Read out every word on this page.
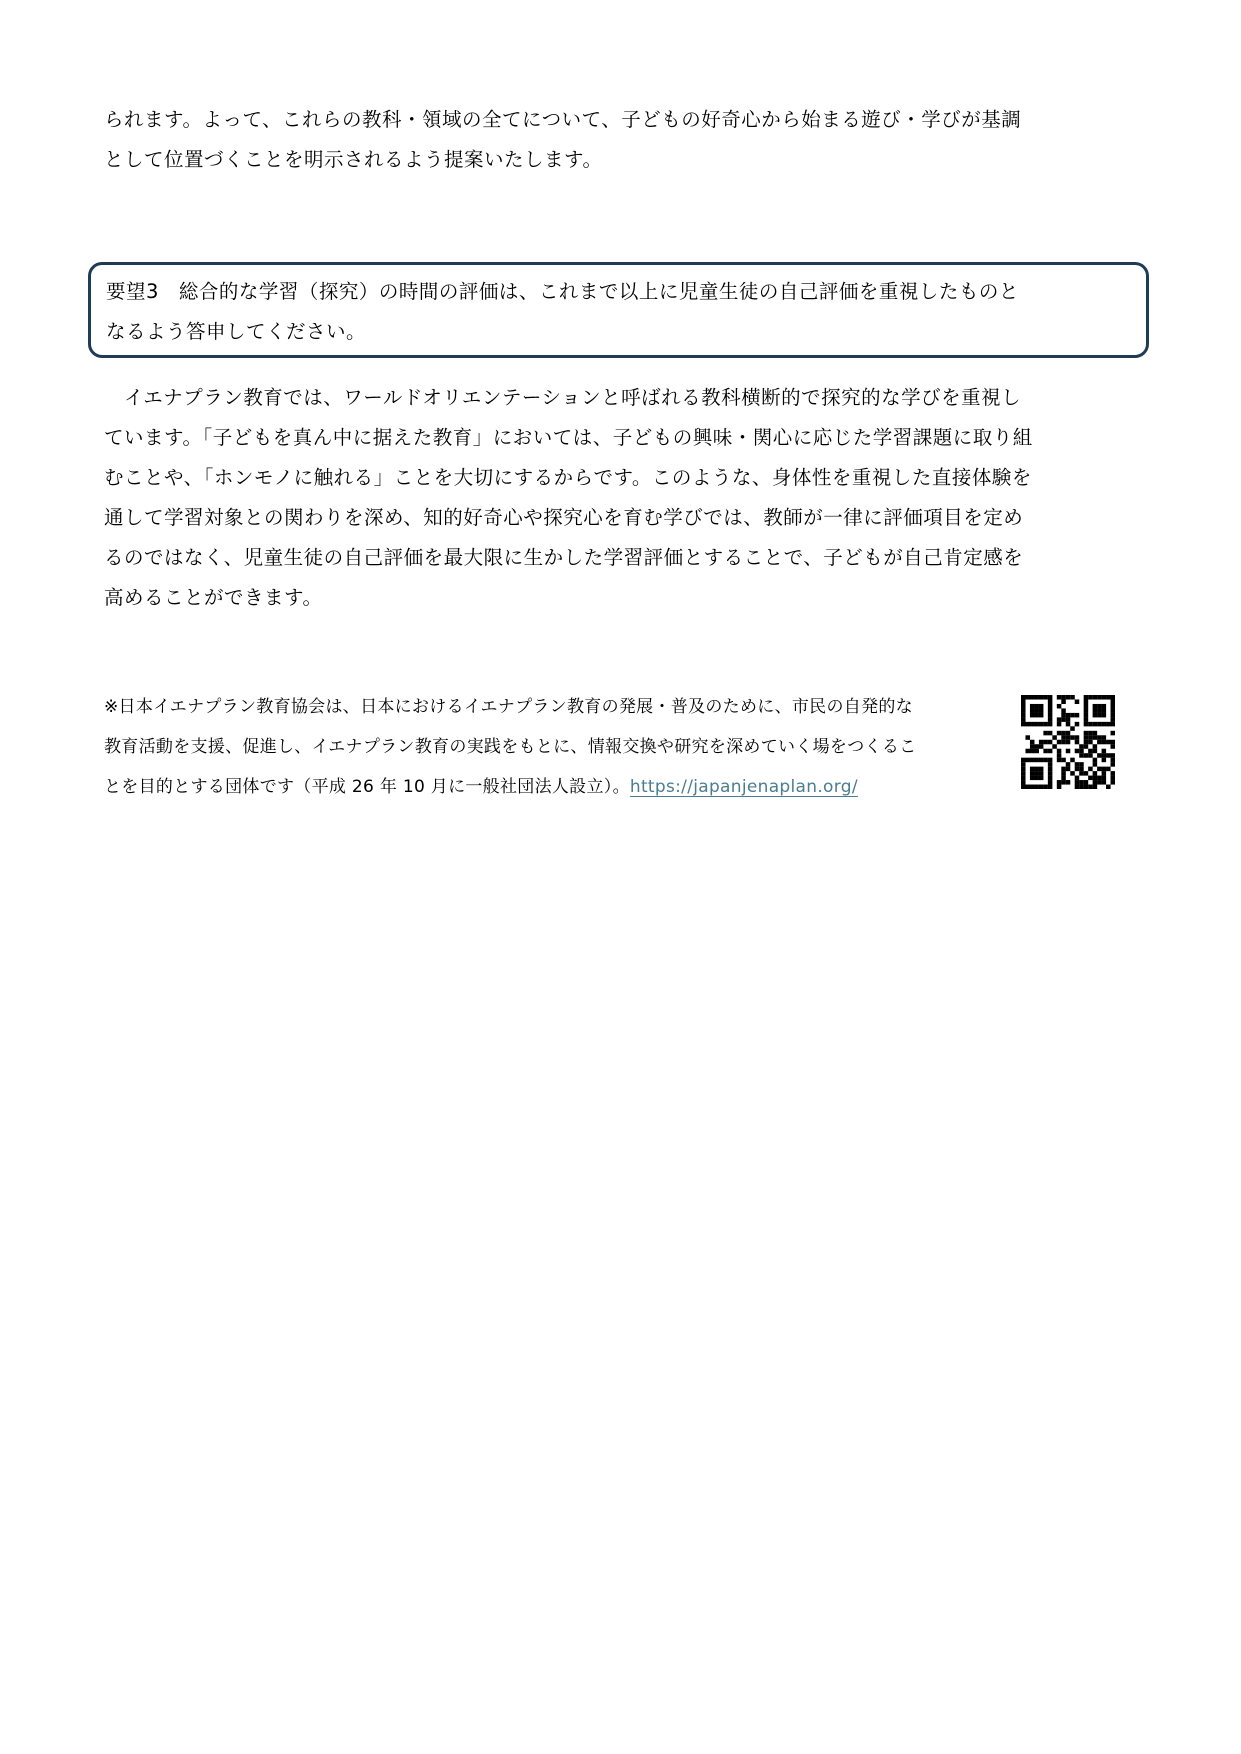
られます。よって、これらの教科・領域の全てについて、子どもの好奇心から始まる遊び・学びが基調
として位置づくことを明示されるよう提案いたします。
要望3　総合的な学習（探究）の時間の評価は、これまで以上に児童生徒の自己評価を重視したものと
なるよう答申してください。
　イエナプラン教育では、ワールドオリエンテーションと呼ばれる教科横断的で探究的な学びを重視し
ています。「子どもを真ん中に据えた教育」においては、子どもの興味・関心に応じた学習課題に取り組
むことや、「ホンモノに触れる」ことを大切にするからです。このような、身体性を重視した直接体験を
通して学習対象との関わりを深め、知的好奇心や探究心を育む学びでは、教師が一律に評価項目を定め
るのではなく、児童生徒の自己評価を最大限に生かした学習評価とすることで、子どもが自己肯定感を
高めることができます。
※日本イエナプラン教育協会は、日本におけるイエナプラン教育の発展・普及のために、市民の自発的な
教育活動を支援、促進し、イエナプラン教育の実践をもとに、情報交換や研究を深めていく場をつくるこ
とを目的とする団体です（平成 26 年 10 月に一般社団法人設立）。https://japanjenaplan.org/
